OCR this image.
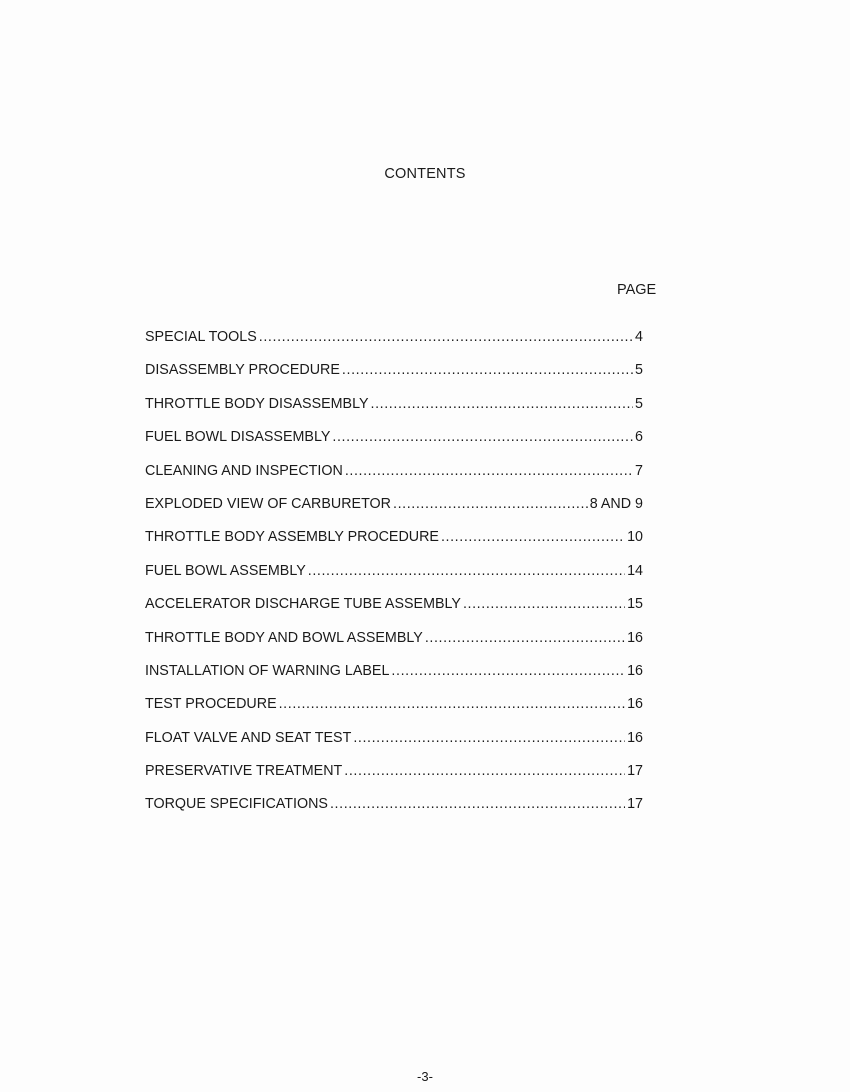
CONTENTS
PAGE
SPECIAL TOOLS .....	4
DISASSEMBLY PROCEDURE .....	5
THROTTLE BODY DISASSEMBLY .....	5
FUEL BOWL DISASSEMBLY .....	6
CLEANING AND INSPECTION .....	7
EXPLODED VIEW OF CARBURETOR .....	8 AND 9
THROTTLE BODY ASSEMBLY PROCEDURE .....	10
FUEL BOWL ASSEMBLY .....	14
ACCELERATOR DISCHARGE TUBE ASSEMBLY .....	15
THROTTLE BODY AND BOWL ASSEMBLY .....	16
INSTALLATION OF WARNING LABEL .....	16
TEST PROCEDURE .....	16
FLOAT VALVE AND SEAT TEST .....	16
PRESERVATIVE TREATMENT .....	17
TORQUE SPECIFICATIONS .....	17
-3-
